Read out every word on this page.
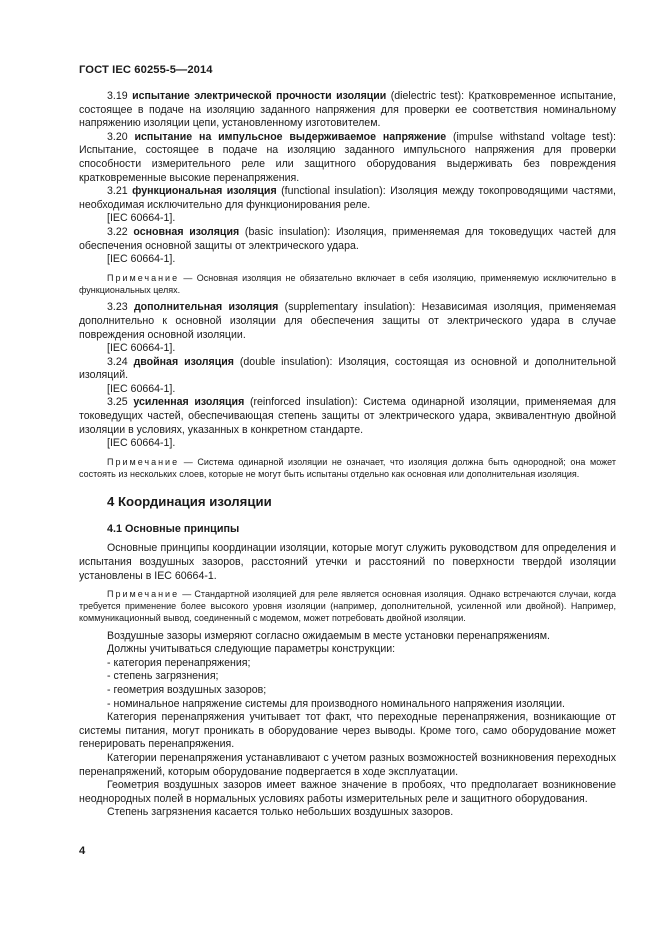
ГОСТ IEC 60255-5—2014

3.19 испытание электрической прочности изоляции (dielectric test): Кратковременное испытание, состоящее в подаче на изоляцию заданного напряжения для проверки ее соответствия номинальному напряжению изоляции цепи, установленному изготовителем.

3.20 испытание на импульсное выдерживаемое напряжение (impulse withstand voltage test): Испытание, состоящее в подаче на изоляцию заданного импульсного напряжения для проверки способности измерительного реле или защитного оборудования выдерживать без повреждения кратковременные высокие перенапряжения.

3.21 функциональная изоляция (functional insulation): Изоляция между токопроводящими частями, необходимая исключительно для функционирования реле.

[IEC 60664-1].

3.22 основная изоляция (basic insulation): Изоляция, применяемая для токоведущих частей для обеспечения основной защиты от электрического удара.

[IEC 60664-1].

Примечание — Основная изоляция не обязательно включает в себя изоляцию, применяемую исключительно в функциональных целях.

3.23 дополнительная изоляция (supplementary insulation): Независимая изоляция, применяемая дополнительно к основной изоляции для обеспечения защиты от электрического удара в случае повреждения основной изоляции.

[IEC 60664-1].

3.24 двойная изоляция (double insulation): Изоляция, состоящая из основной и дополнительной изоляций.

[IEC 60664-1].

3.25 усиленная изоляция (reinforced insulation): Система одинарной изоляции, применяемая для токоведущих частей, обеспечивающая степень защиты от электрического удара, эквивалентную двойной изоляции в условиях, указанных в конкретном стандарте.

[IEC 60664-1].

Примечание — Система одинарной изоляции не означает, что изоляция должна быть однородной; она может состоять из нескольких слоев, которые не могут быть испытаны отдельно как основная или дополнительная изоляция.

4 Координация изоляции
4.1 Основные принципы

Основные принципы координации изоляции, которые могут служить руководством для определения и испытания воздушных зазоров, расстояний утечки и расстояний по поверхности твердой изоляции установлены в IEC 60664-1.

Примечание — Стандартной изоляцией для реле является основная изоляция. Однако встречаются случаи, когда требуется применение более высокого уровня изоляции (например, дополнительной, усиленной или двойной). Например, коммуникационный вывод, соединенный с модемом, может потребовать двойной изоляции.

Воздушные зазоры измеряют согласно ожидаемым в месте установки перенапряжениям.

Должны учитываться следующие параметры конструкции:

- категория перенапряжения;
- степень загрязнения;
- геометрия воздушных зазоров;
- номинальное напряжение системы для производного номинального напряжения изоляции.

Категория перенапряжения учитывает тот факт, что переходные перенапряжения, возникающие от системы питания, могут проникать в оборудование через выводы. Кроме того, само оборудование может генерировать перенапряжения.

Категории перенапряжения устанавливают с учетом разных возможностей возникновения переходных перенапряжений, которым оборудование подвергается в ходе эксплуатации.

Геометрия воздушных зазоров имеет важное значение в пробоях, что предполагает возникновение неоднородных полей в нормальных условиях работы измерительных реле и защитного оборудования.

Степень загрязнения касается только небольших воздушных зазоров.

4
